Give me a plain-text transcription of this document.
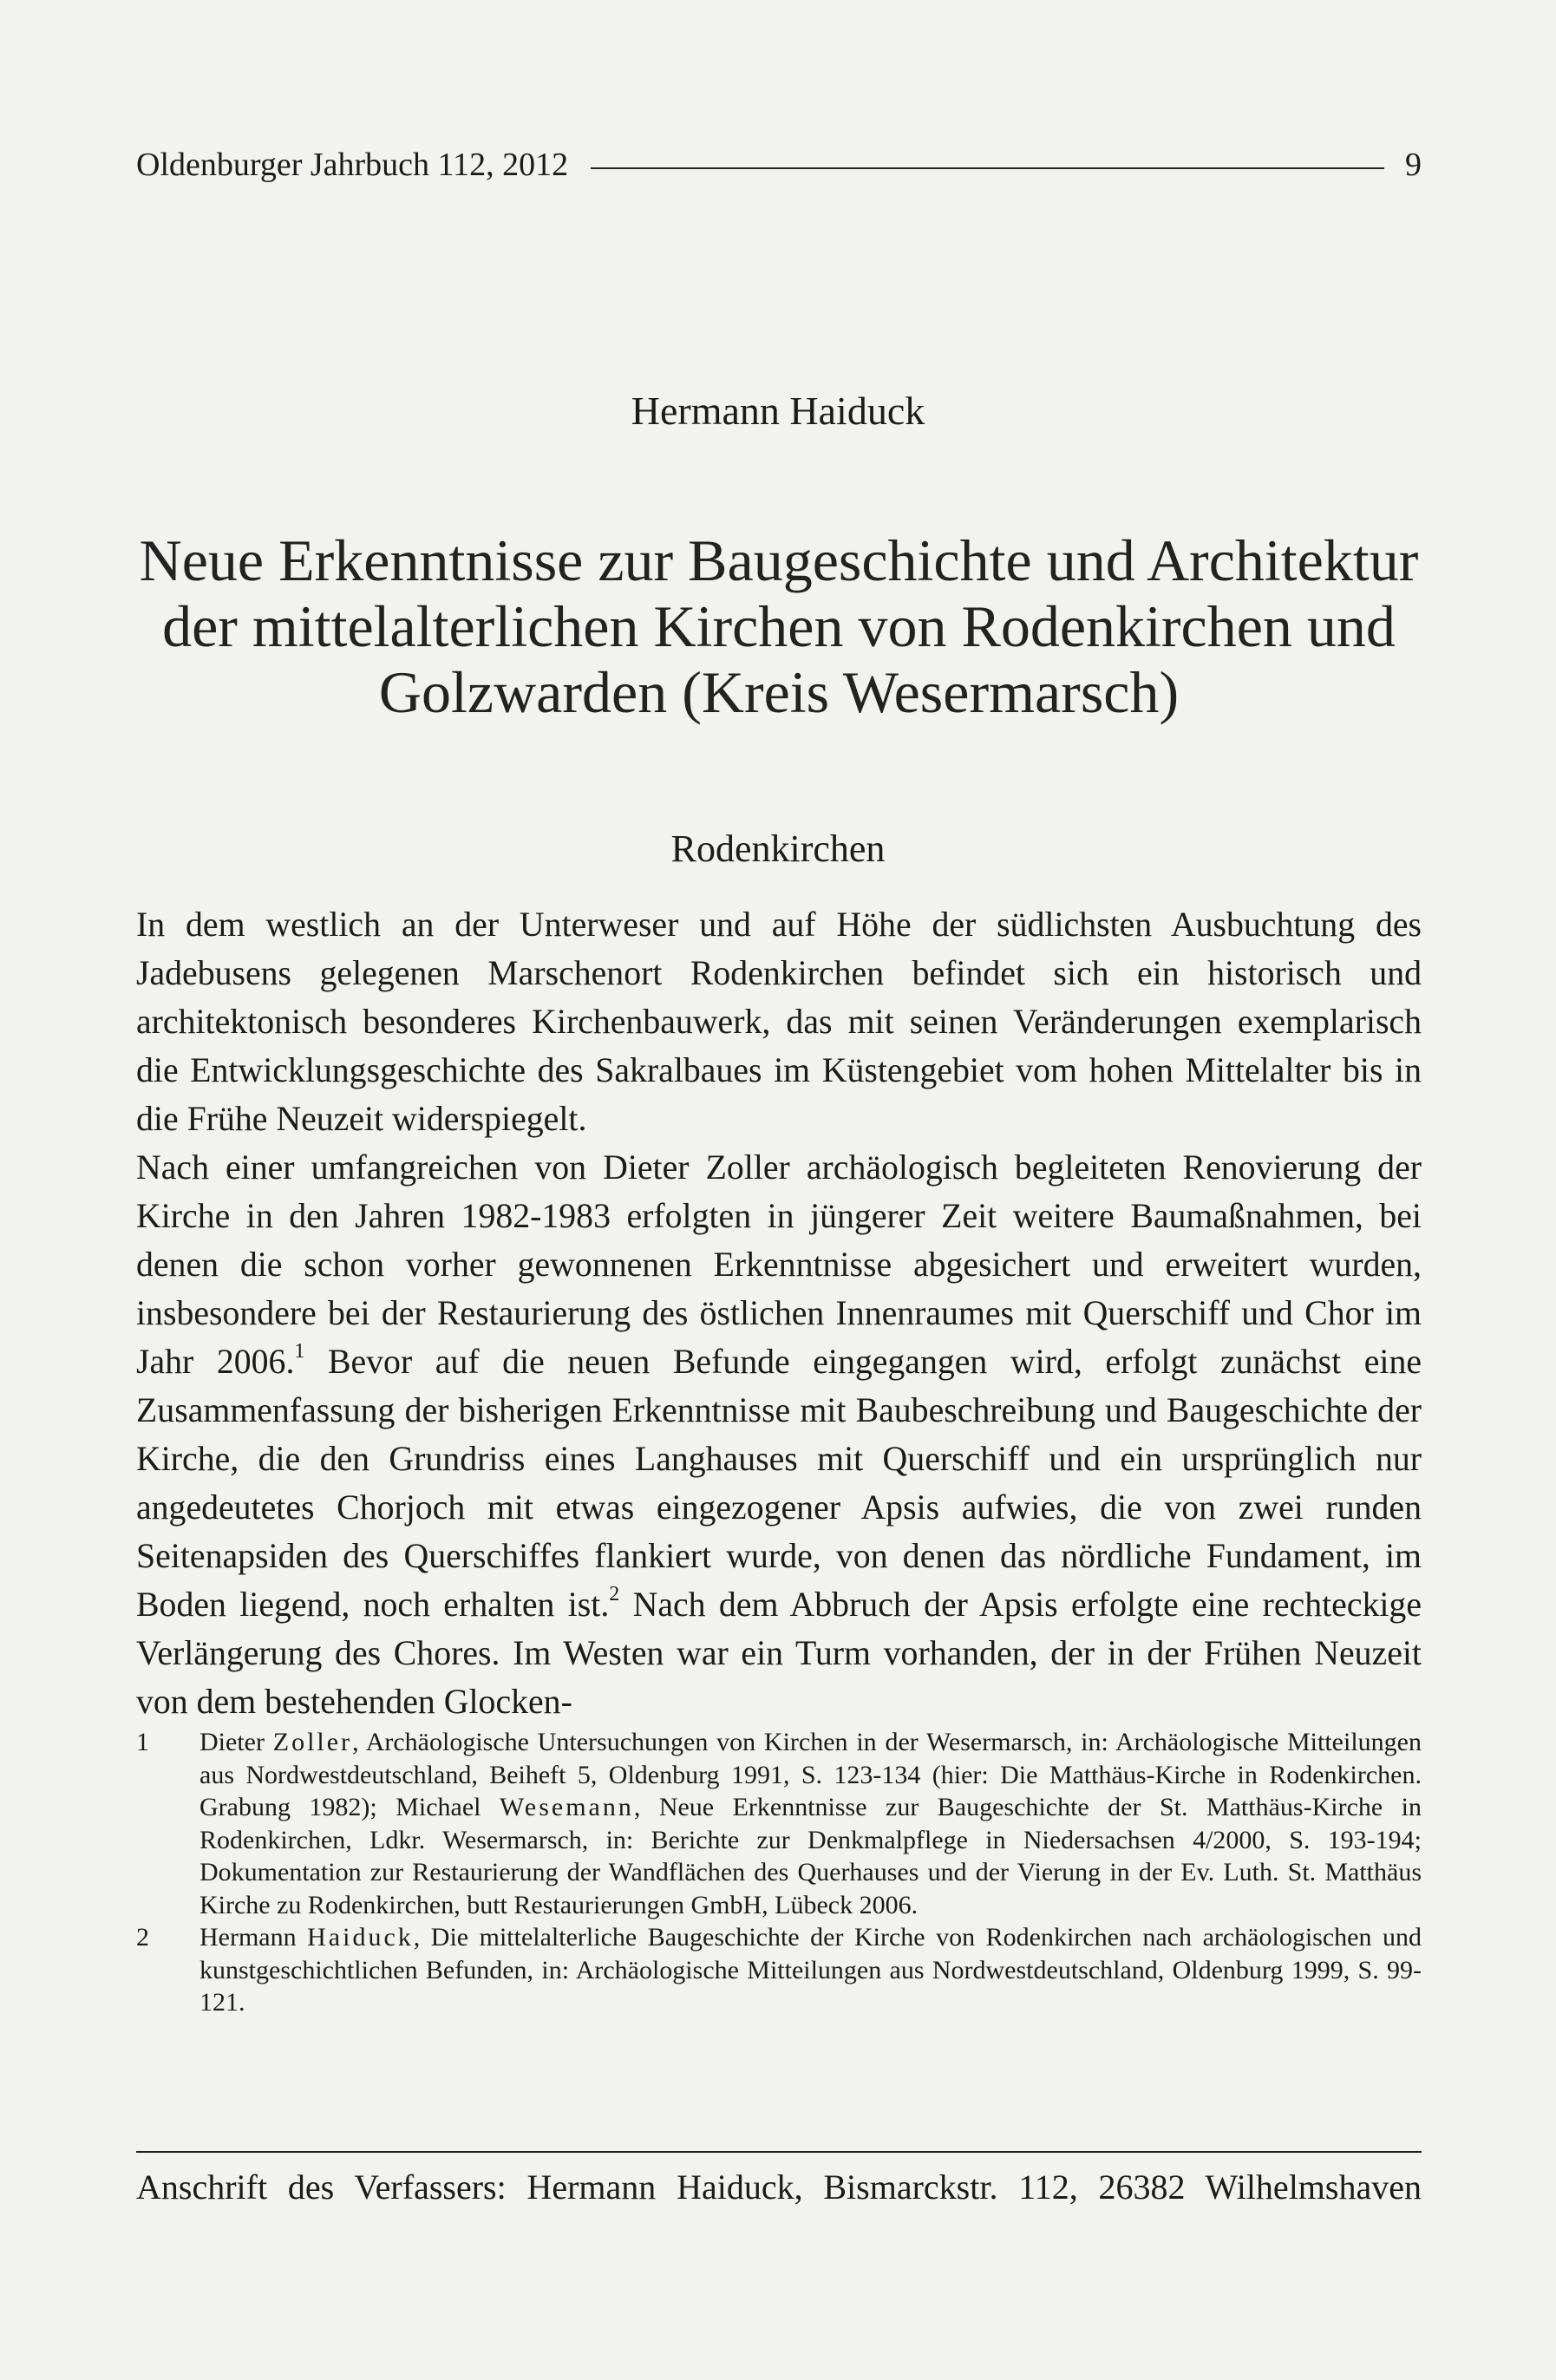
Oldenburger Jahrbuch 112, 2012	9
Hermann Haiduck
Neue Erkenntnisse zur Baugeschichte und Architektur
der mittelalterlichen Kirchen von Rodenkirchen und
Golzwarden (Kreis Wesermarsch)
Rodenkirchen

In dem westlich an der Unterweser und auf Höhe der südlichsten Ausbuchtung des Jadebusens gelegenen Marschenort Rodenkirchen befindet sich ein historisch und architektonisch besonderes Kirchenbauwerk, das mit seinen Veränderungen exemplarisch die Entwicklungsgeschichte des Sakralbaues im Küstengebiet vom hohen Mittelalter bis in die Frühe Neuzeit widerspiegelt.

Nach einer umfangreichen von Dieter Zoller archäologisch begleiteten Renovierung der Kirche in den Jahren 1982-1983 erfolgten in jüngerer Zeit weitere Baumaßnahmen, bei denen die schon vorher gewonnenen Erkenntnisse abgesichert und erweitert wurden, insbesondere bei der Restaurierung des östlichen Innenraumes mit Querschiff und Chor im Jahr 2006.$^1$ Bevor auf die neuen Befunde eingegangen wird, erfolgt zunächst eine Zusammenfassung der bisherigen Erkenntnisse mit Baubeschreibung und Baugeschichte der Kirche, die den Grundriss eines Langhauses mit Querschiff und ein ursprünglich nur angedeutetes Chorjoch mit etwas eingezogener Apsis aufwies, die von zwei runden Seitenapsiden des Querschiffes flankiert wurde, von denen das nördliche Fundament, im Boden liegend, noch erhalten ist.$^2$ Nach dem Abbruch der Apsis erfolgte eine rechteckige Verlängerung des Chores. Im Westen war ein Turm vorhanden, der in der Frühen Neuzeit von dem bestehenden Glocken-

1	Dieter Zoller, Archäologische Untersuchungen von Kirchen in der Wesermarsch, in: Archäologische Mitteilungen aus Nordwestdeutschland, Beiheft 5, Oldenburg 1991, S. 123-134 (hier: Die Matthäus-Kirche in Rodenkirchen. Grabung 1982); Michael Wesemann, Neue Erkenntnisse zur Baugeschichte der St. Matthäus-Kirche in Rodenkirchen, Ldkr. Wesermarsch, in: Berichte zur Denkmalpflege in Niedersachsen 4/2000, S. 193-194; Dokumentation zur Restaurierung der Wandflächen des Querhauses und der Vierung in der Ev. Luth. St. Matthäus Kirche zu Rodenkirchen, butt Restaurierungen GmbH, Lübeck 2006.
2	Hermann Haiduck, Die mittelalterliche Baugeschichte der Kirche von Rodenkirchen nach archäologischen und kunstgeschichtlichen Befunden, in: Archäologische Mitteilungen aus Nordwestdeutschland, Oldenburg 1999, S. 99-121.
Anschrift des Verfassers: Hermann Haiduck, Bismarckstr. 112, 26382 Wilhelmshaven
